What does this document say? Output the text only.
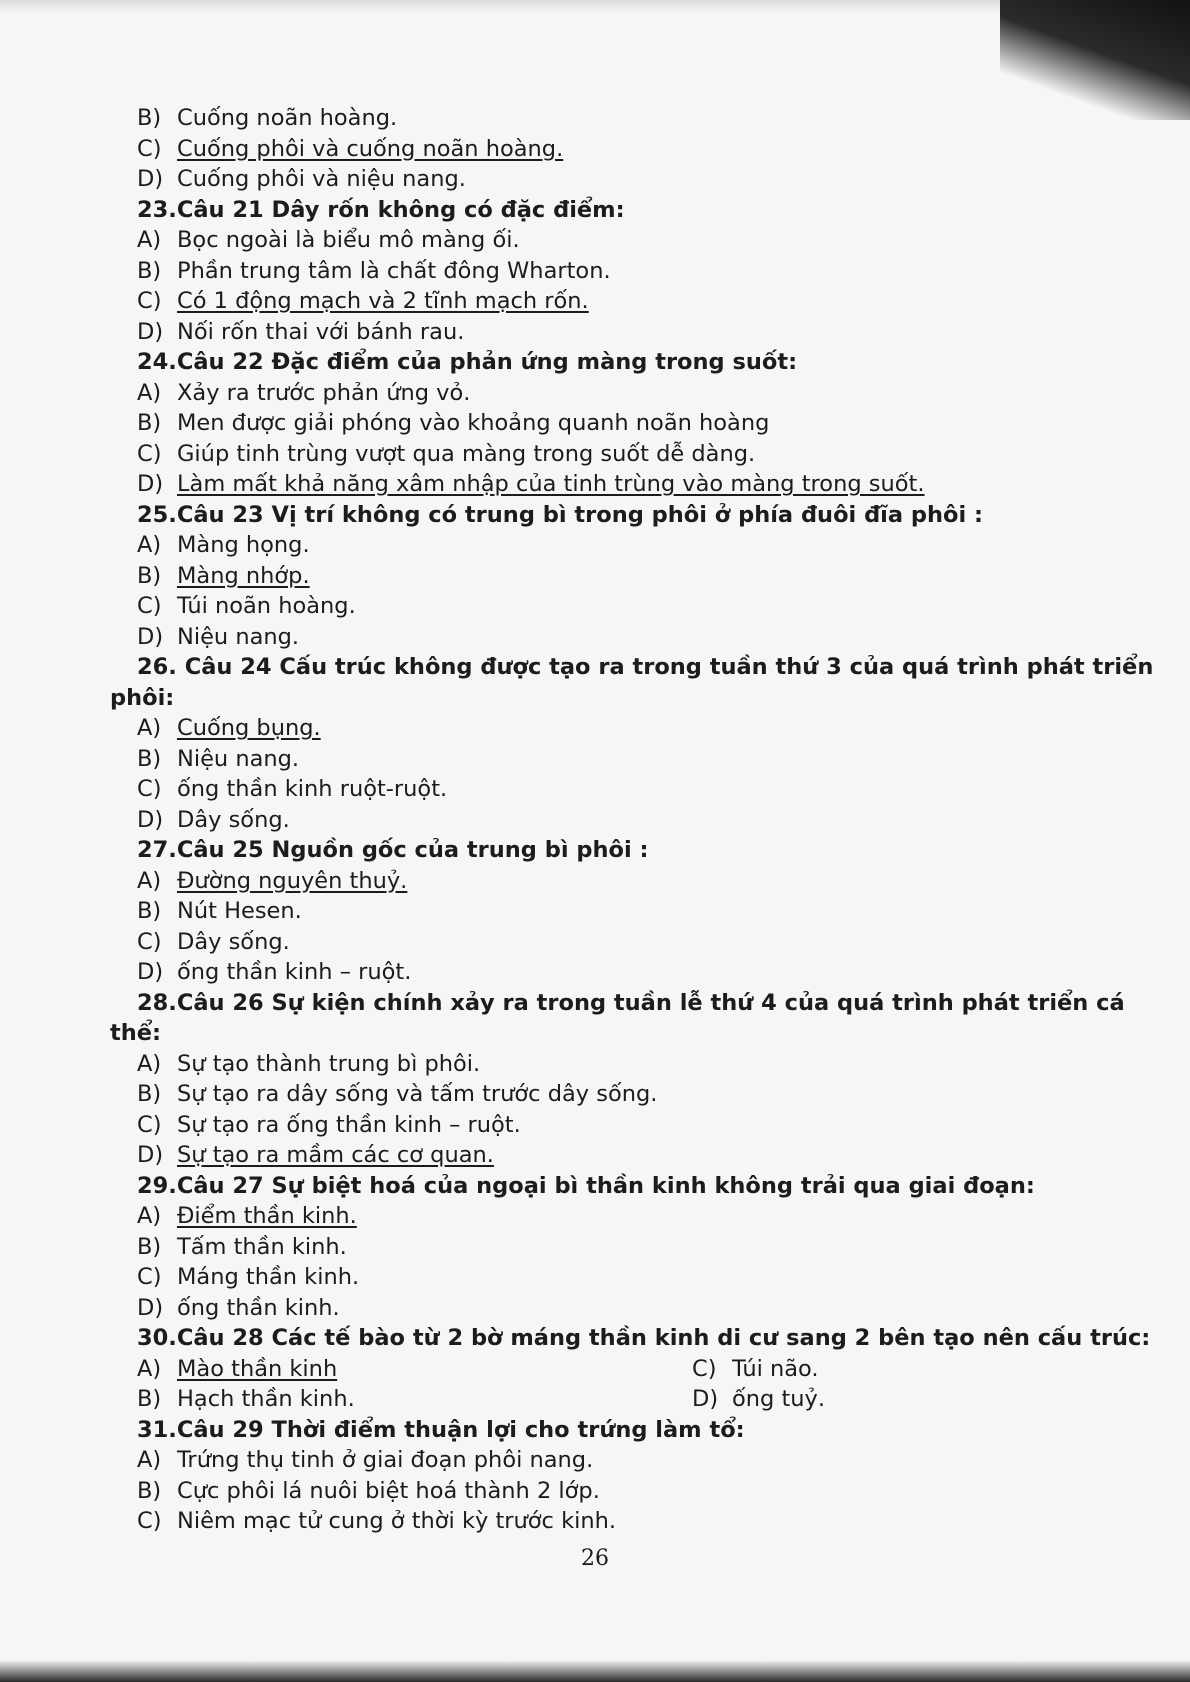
B) Cuống noãn hoàng.
C) Cuống phôi và cuống noãn hoàng.
D) Cuống phôi và niệu nang.
23.Câu 21 Dây rốn không có đặc điểm:
A) Bọc ngoài là biểu mô màng ối.
B) Phần trung tâm là chất đông Wharton.
C) Có 1 động mạch và 2 tĩnh mạch rốn.
D) Nối rốn thai với bánh rau.
24.Câu 22 Đặc điểm của phản ứng màng trong suốt:
A) Xảy ra trước phản ứng vỏ.
B) Men được giải phóng vào khoảng quanh noãn hoàng
C) Giúp tinh trùng vượt qua màng trong suốt dễ dàng.
D) Làm mất khả năng xâm nhập của tinh trùng vào màng trong suốt.
25.Câu 23 Vị trí không có trung bì trong phôi ở phía đuôi đĩa phôi :
A) Màng họng.
B) Màng nhớp.
C) Túi noãn hoàng.
D) Niệu nang.
26. Câu 24 Cấu trúc không được tạo ra trong tuần thứ 3 của quá trình phát triển phôi:
A) Cuống bụng.
B) Niệu nang.
C) ống thần kinh ruột-ruột.
D) Dây sống.
27.Câu 25 Nguồn gốc của trung bì phôi :
A) Đường nguyên thuỷ.
B) Nút Hesen.
C) Dây sống.
D) ống thần kinh – ruột.
28.Câu 26 Sự kiện chính xảy ra trong tuần lễ thứ 4 của quá trình phát triển cá thể:
A) Sự tạo thành trung bì phôi.
B) Sự tạo ra dây sống và tấm trước dây sống.
C) Sự tạo ra ống thần kinh – ruột.
D) Sự tạo ra mầm các cơ quan.
29.Câu 27 Sự biệt hoá của ngoại bì thần kinh không trải qua giai đoạn:
A) Điểm thần kinh.
B) Tấm thần kinh.
C) Máng thần kinh.
D) ống thần kinh.
30.Câu 28 Các tế bào từ 2 bờ máng thần kinh di cư sang 2 bên tạo nên cấu trúc:
A) Mào thần kinh	C) Túi não.
B) Hạch thần kinh.	D) ống tuỷ.
31.Câu 29 Thời điểm thuận lợi cho trứng làm tổ:
A) Trứng thụ tinh ở giai đoạn phôi nang.
B) Cực phôi lá nuôi biệt hoá thành 2 lớp.
C) Niêm mạc tử cung ở thời kỳ trước kinh.
26
